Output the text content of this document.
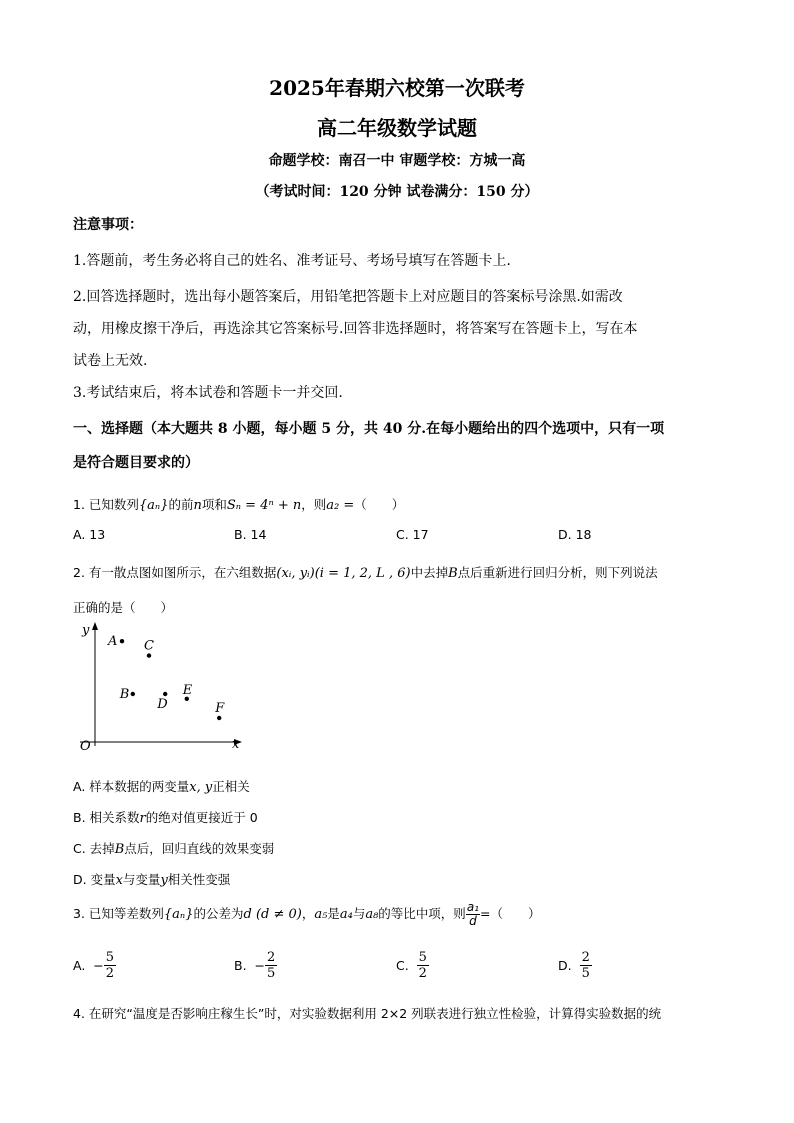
2025年春期六校第一次联考
高二年级数学试题
命题学校：南召一中 审题学校：方城一高
（考试时间：120 分钟 试卷满分：150 分）
注意事项：
1.答题前，考生务必将自己的姓名、准考证号、考场号填写在答题卡上.
2.回答选择题时，选出每小题答案后，用铅笔把答题卡上对应题目的答案标号涂黑.如需改
动，用橡皮擦干净后，再选涂其它答案标号.回答非选择题时，将答案写在答题卡上，写在本
试卷上无效.
3.考试结束后，将本试卷和答题卡一并交回.
一、选择题（本大题共 8 小题，每小题 5 分，共 40 分.在每小题给出的四个选项中，只有一项
是符合题目要求的）
1. 已知数列{aₙ}的前n项和Sₙ = 4ⁿ + n，则a₂ =（　　）
A. 13	B. 14	C. 17	D. 18
2. 有一散点图如图所示，在六组数据(xᵢ, yᵢ)(i = 1, 2, L , 6)中去掉B点后重新进行回归分析，则下列说法
正确的是（　　）
y
x
O
A C
B
D
E
F
A. 样本数据的两变量x, y正相关
B. 相关系数r的绝对值更接近于 0
C. 去掉B点后，回归直线的效果变弱
D. 变量x与变量y相关性变强
3. 已知等差数列{aₙ}的公差为d (d ≠ 0)，a₅是a₄与a₈的等比中项，则 $\frac{\text{a₁}}{d}$ =（　　）
A. − $\frac{5}{2}$	B. − $\frac{2}{5}$	C. $\frac{5}{2}$	D. $\frac{2}{5}$
4. 在研究“温度是否影响庄稼生长”时，对实验数据利用 2×2 列联表进行独立性检验，计算得实验数据的统
